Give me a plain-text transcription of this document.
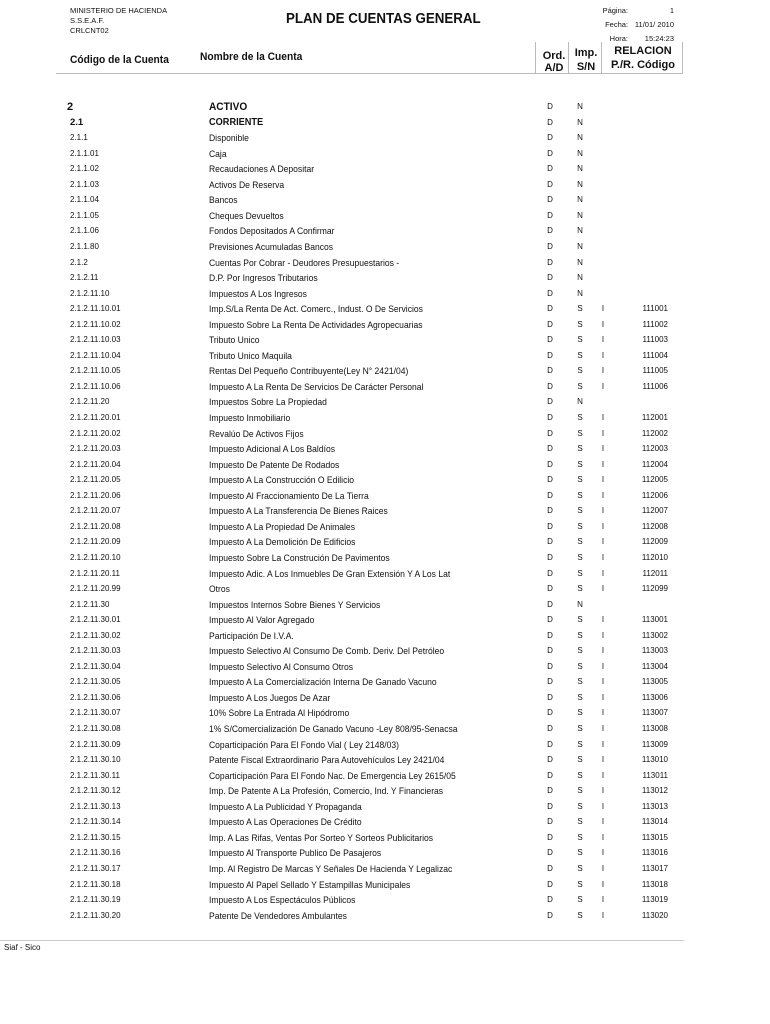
MINISTERIO DE HACIENDA
S.S.E.A.F.
CRLCNT02
PLAN DE CUENTAS GENERAL
Página:	1
Fecha: 11/01/ 2010
Hora:	15:24:23
Código de la Cuenta	Nombre de la Cuenta	Ord.
A/D
Imp.
S/N
RELACION
P./R. Código
2	ACTIVO	D	N
2.1	CORRIENTE	D	N
2.1.1	Disponible	D	N
2.1.1.01	Caja	D	N
2.1.1.02	Recaudaciones A Depositar	D	N
2.1.1.03	Activos De Reserva	D	N
2.1.1.04	Bancos	D	N
2.1.1.05	Cheques Devueltos	D	N
2.1.1.06	Fondos Depositados A Confirmar	D	N
2.1.1.80	Previsiones Acumuladas Bancos	D	N
2.1.2	Cuentas Por Cobrar - Deudores Presupuestarios -	D	N
2.1.2.11	D.P. Por Ingresos Tributarios	D	N
2.1.2.11.10	Impuestos A Los Ingresos	D	N
2.1.2.11.10.01	Imp.S/La Renta De Act. Comerc., Indust. O De Servicios	D	S I	111001
2.1.2.11.10.02	Impuesto Sobre La Renta De Actividades Agropecuarias	D	S I	111002
2.1.2.11.10.03	Tributo Unico	D	S I	111003
2.1.2.11.10.04	Tributo Unico Maquila	D	S I	111004
2.1.2.11.10.05	Rentas Del Pequeño Contribuyente(Ley N° 2421/04)	D	S I	111005
2.1.2.11.10.06	Impuesto A La Renta De Servicios De Carácter Personal	D	S I	111006
2.1.2.11.20	Impuestos Sobre La Propiedad	D	N
2.1.2.11.20.01	Impuesto Inmobiliario	D	S I	112001
2.1.2.11.20.02	Revalúo De Activos Fijos	D	S I	112002
2.1.2.11.20.03	Impuesto Adicional A Los Baldíos	D	S I	112003
2.1.2.11.20.04	Impuesto De Patente De Rodados	D	S I	112004
2.1.2.11.20.05	Impuesto A La Construcción O Edilicio	D	S I	112005
2.1.2.11.20.06	Impuesto Al Fraccionamiento De La Tierra	D	S I	112006
2.1.2.11.20.07	Impuesto A La Transferencia De Bienes Raices	D	S I	112007
2.1.2.11.20.08	Impuesto A La Propiedad De Animales	D	S I	112008
2.1.2.11.20.09	Impuesto A La Demolición De Edificios	D	S I	112009
2.1.2.11.20.10	Impuesto Sobre La Construción De Pavimentos	D	S I	112010
2.1.2.11.20.11	Impuesto Adic. A Los Inmuebles De Gran Extensión Y A Los Lat	D	S I	112011
2.1.2.11.20.99	Otros	D	S I	112099
2.1.2.11.30	Impuestos Internos Sobre Bienes Y Servicios	D	N
2.1.2.11.30.01	Impuesto Al Valor Agregado	D	S I	113001
2.1.2.11.30.02	Participación De I.V.A.	D	S I	113002
2.1.2.11.30.03	Impuesto Selectivo Al Consumo De Comb. Deriv. Del Petróleo	D	S I	113003
2.1.2.11.30.04	Impuesto Selectivo Al Consumo Otros	D	S I	113004
2.1.2.11.30.05	Impuesto A La Comercialización Interna De Ganado Vacuno	D	S I	113005
2.1.2.11.30.06	Impuesto A Los Juegos De Azar	D	S I	113006
2.1.2.11.30.07	10% Sobre La Entrada Al Hipódromo	D	S I	113007
2.1.2.11.30.08	1% S/Comercialización De Ganado Vacuno -Ley 808/95-Senacsa	D	S I	113008
2.1.2.11.30.09	Coparticipación Para El Fondo Vial ( Ley 2148/03)	D	S I	113009
2.1.2.11.30.10	Patente Fiscal Extraordinario Para Autovehículos Ley 2421/04	D	S I	113010
2.1.2.11.30.11	Coparticipación Para El Fondo Nac. De Emergencia Ley 2615/05	D	S I	113011
2.1.2.11.30.12	Imp. De Patente A La Profesión, Comercio, Ind. Y Financieras	D	S I	113012
2.1.2.11.30.13	Impuesto A La Publicidad Y Propaganda	D	S I	113013
2.1.2.11.30.14	Impuesto A Las Operaciones De Crédito	D	S I	113014
2.1.2.11.30.15	Imp. A Las Rifas, Ventas Por Sorteo Y Sorteos Publicitarios	D	S I	113015
2.1.2.11.30.16	Impuesto Al Transporte Publico De Pasajeros	D	S I	113016
2.1.2.11.30.17	Imp. Al Registro De Marcas Y Señales De Hacienda Y Legalizac	D	S I	113017
2.1.2.11.30.18	Impuesto Al Papel Sellado Y Estampillas Municipales	D	S I	113018
2.1.2.11.30.19	Impuesto A Los Espectáculos Públicos	D	S I	113019
2.1.2.11.30.20	Patente De Vendedores Ambulantes	D	S I	113020
Siaf - Sico
